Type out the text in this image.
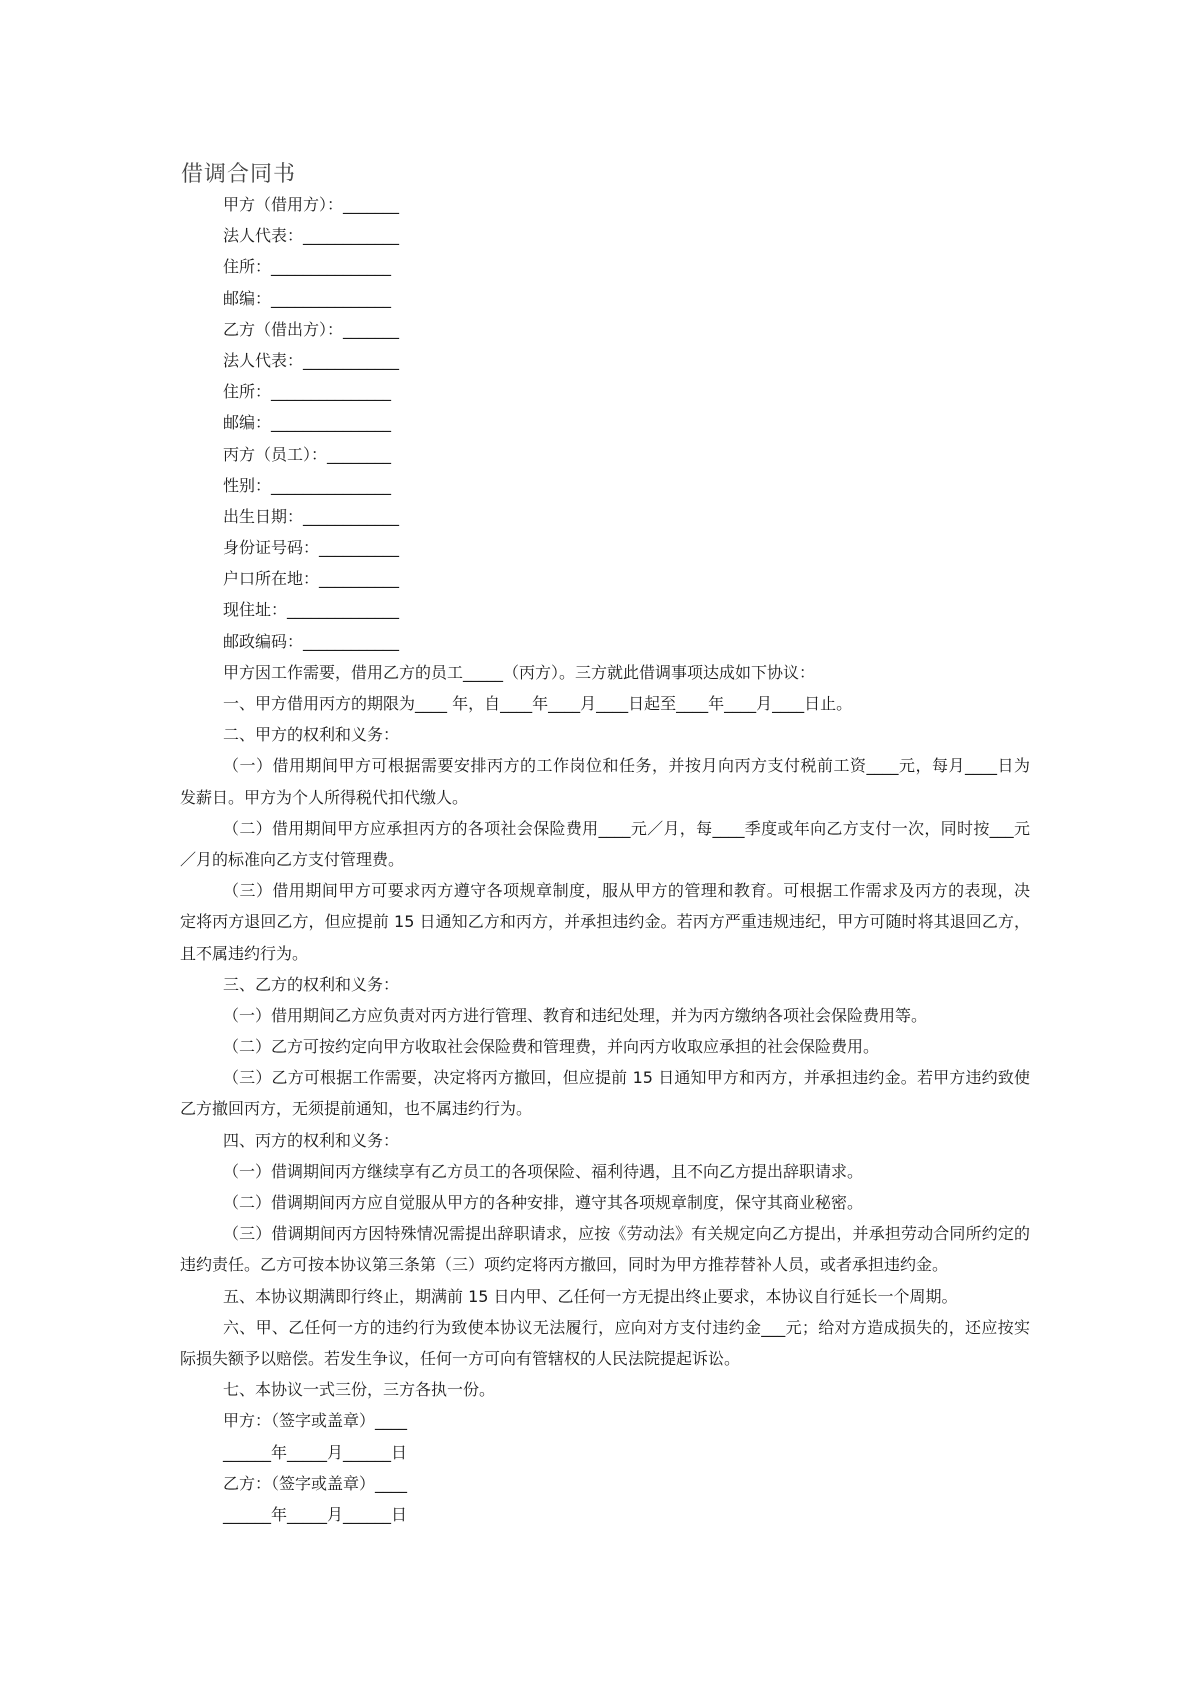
借调合同书
甲方（借用方）：_______
法人代表：____________
住所：_______________
邮编：_______________
乙方（借出方）：_______
法人代表：____________
住所：_______________
邮编：_______________
丙方（员工）：________
性别：_______________
出生日期：____________
身份证号码：__________
户口所在地：__________
现住址：______________
邮政编码：____________
甲方因工作需要，借用乙方的员工_____（丙方）。三方就此借调事项达成如下协议：
一、甲方借用丙方的期限为____ 年，自____年____月____日起至____年____月____日止。
二、甲方的权利和义务：
（一）借用期间甲方可根据需要安排丙方的工作岗位和任务，并按月向丙方支付税前工资____元，每月____日为
发薪日。甲方为个人所得税代扣代缴人。
（二）借用期间甲方应承担丙方的各项社会保险费用____元／月，每____季度或年向乙方支付一次，同时按___元
／月的标准向乙方支付管理费。
（三）借用期间甲方可要求丙方遵守各项规章制度，服从甲方的管理和教育。可根据工作需求及丙方的表现，决
定将丙方退回乙方，但应提前 15 日通知乙方和丙方，并承担违约金。若丙方严重违规违纪，甲方可随时将其退回乙方，
且不属违约行为。
三、乙方的权利和义务：
（一）借用期间乙方应负责对丙方进行管理、教育和违纪处理，并为丙方缴纳各项社会保险费用等。
（二）乙方可按约定向甲方收取社会保险费和管理费，并向丙方收取应承担的社会保险费用。
（三）乙方可根据工作需要，决定将丙方撤回，但应提前 15 日通知甲方和丙方，并承担违约金。若甲方违约致使
乙方撤回丙方，无须提前通知，也不属违约行为。
四、丙方的权利和义务：
（一）借调期间丙方继续享有乙方员工的各项保险、福利待遇，且不向乙方提出辞职请求。
（二）借调期间丙方应自觉服从甲方的各种安排，遵守其各项规章制度，保守其商业秘密。
（三）借调期间丙方因特殊情况需提出辞职请求，应按《劳动法》有关规定向乙方提出，并承担劳动合同所约定的
违约责任。乙方可按本协议第三条第（三）项约定将丙方撤回，同时为甲方推荐替补人员，或者承担违约金。
五、本协议期满即行终止，期满前 15 日内甲、乙任何一方无提出终止要求，本协议自行延长一个周期。
六、甲、乙任何一方的违约行为致使本协议无法履行，应向对方支付违约金___元；给对方造成损失的，还应按实
际损失额予以赔偿。若发生争议，任何一方可向有管辖权的人民法院提起诉讼。
七、本协议一式三份，三方各执一份。
甲方：（签字或盖章）____
______年_____月______日
乙方：（签字或盖章）____
______年_____月______日
